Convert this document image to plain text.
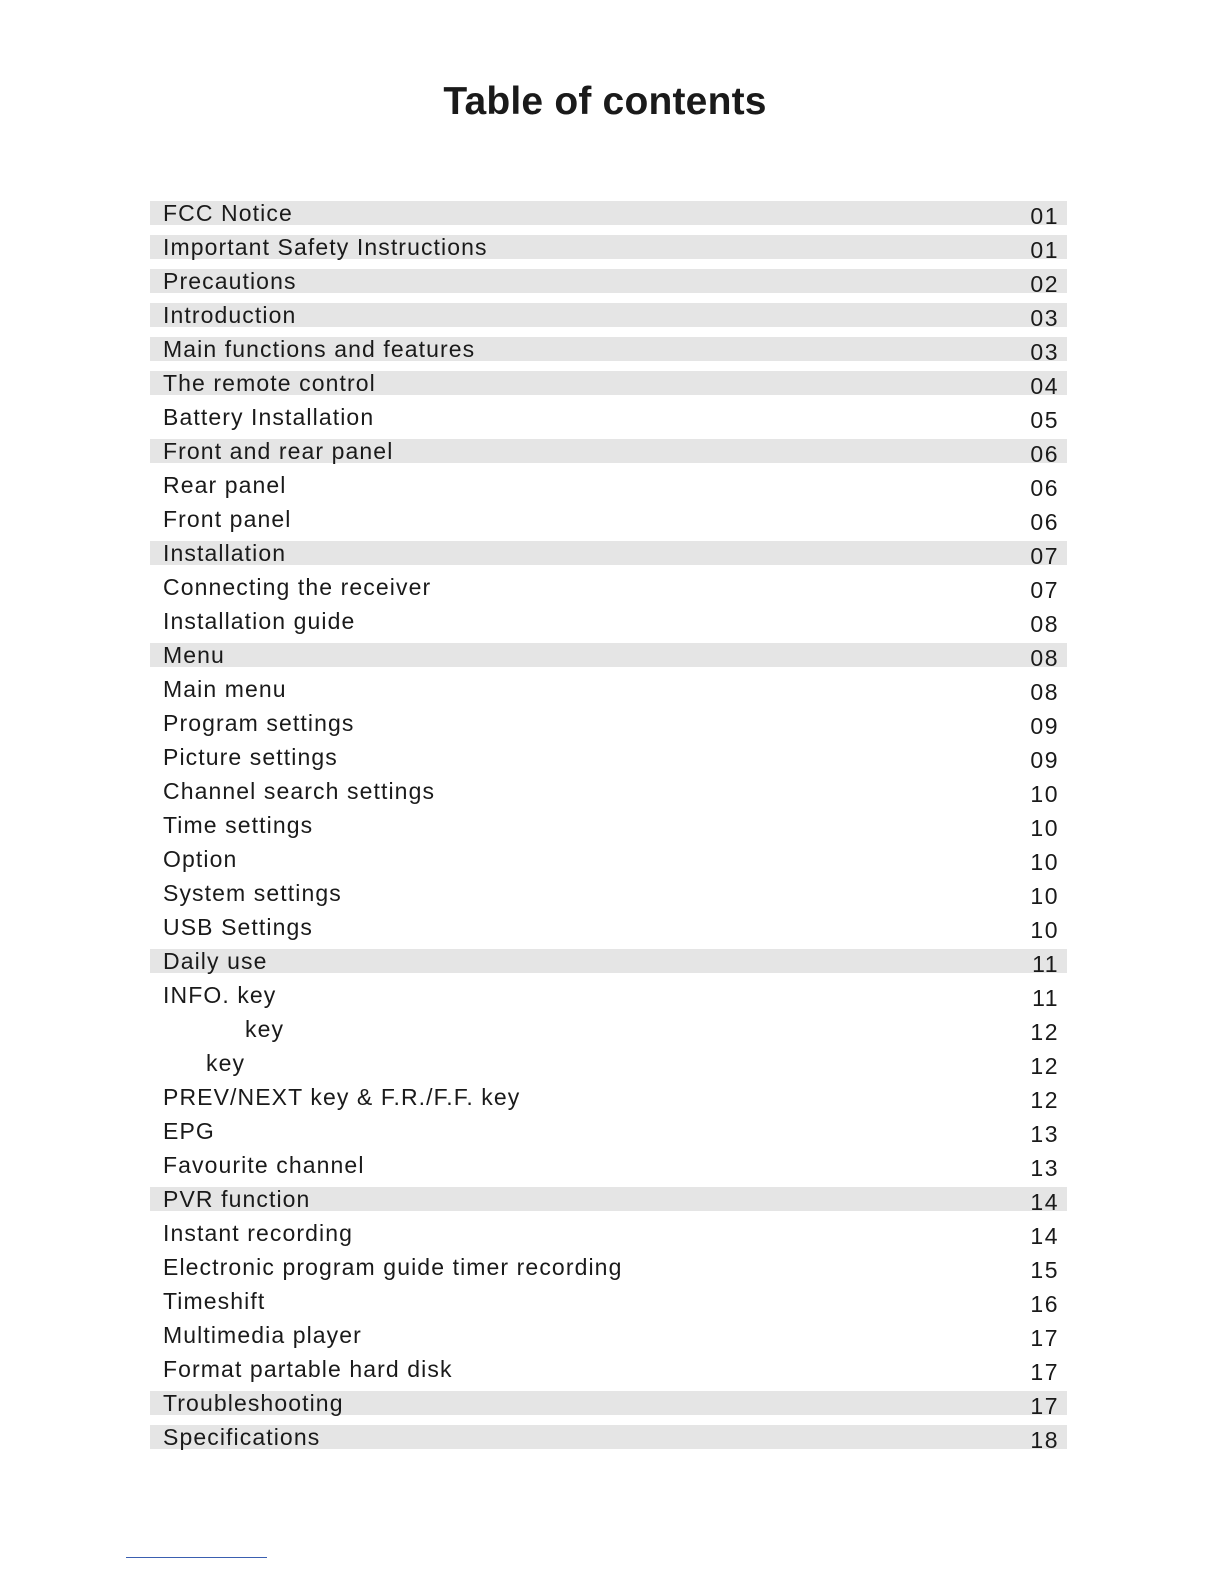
Table of contents
FCC Notice	01
Important Safety Instructions	01
Precautions	02
Introduction	03
Main functions and features	03
The remote control	04
Battery Installation	05
Front and rear panel	06
Rear panel	06
Front panel	06
Installation	07
Connecting the receiver	07
Installation guide	08
Menu	08
Main menu	08
Program settings	09
Picture settings	09
Channel search settings	10
Time settings	10
Option	10
System settings	10
USB Settings	10
Daily use	11
INFO. key	11
key	12
key	12
PREV/NEXT key & F.R./F.F. key	12
EPG	13
Favourite channel	13
PVR function	14
Instant recording	14
Electronic program guide timer recording	15
Timeshift	16
Multimedia player	17
Format partable hard disk	17
Troubleshooting	17
Specifications	18
